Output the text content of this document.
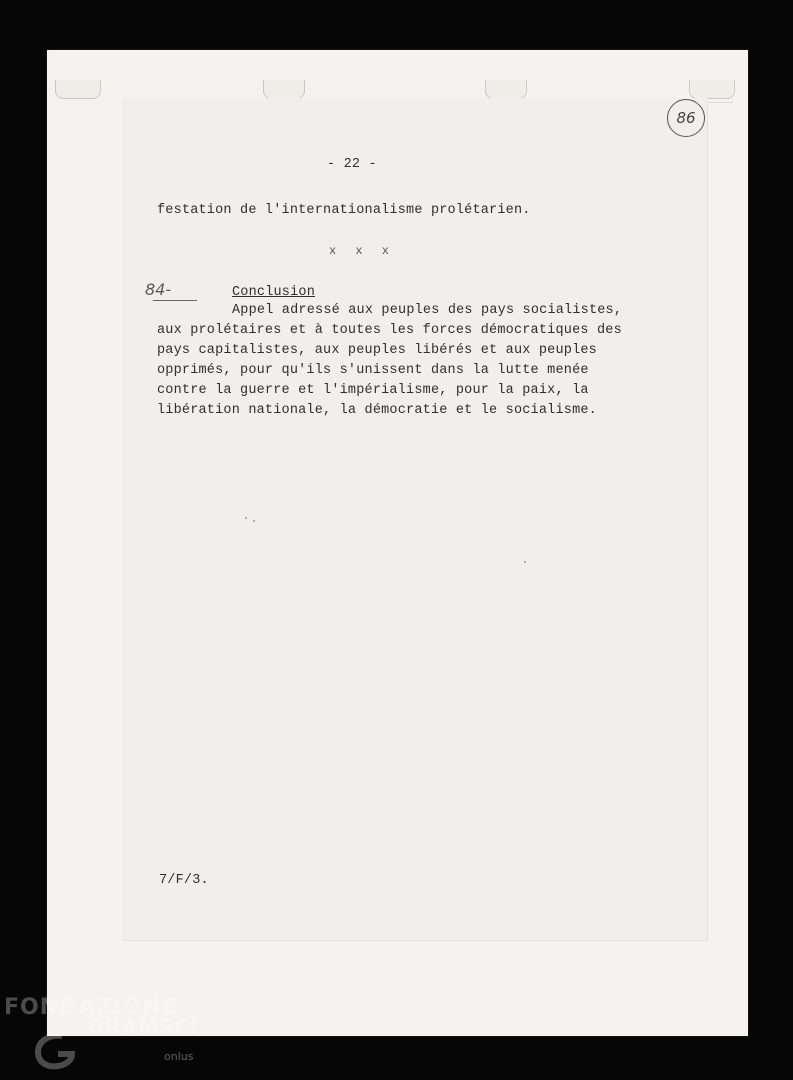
86
- 22 -
festation de l'internationalisme prolétarien.
x x x
84-	Conclusion
Appel adressé aux peuples des pays socialistes,
aux prolétaires et à toutes les forces démocratiques des
pays capitalistes, aux peuples libérés et aux peuples
opprimés, pour qu'ils s'unissent dans la lutte menée
contre la guerre et l'impérialisme, pour la paix, la
libération nationale, la démocratie et le socialisme.
7/F/3.
FONDAZIONE
GRAMSCI
onlus
